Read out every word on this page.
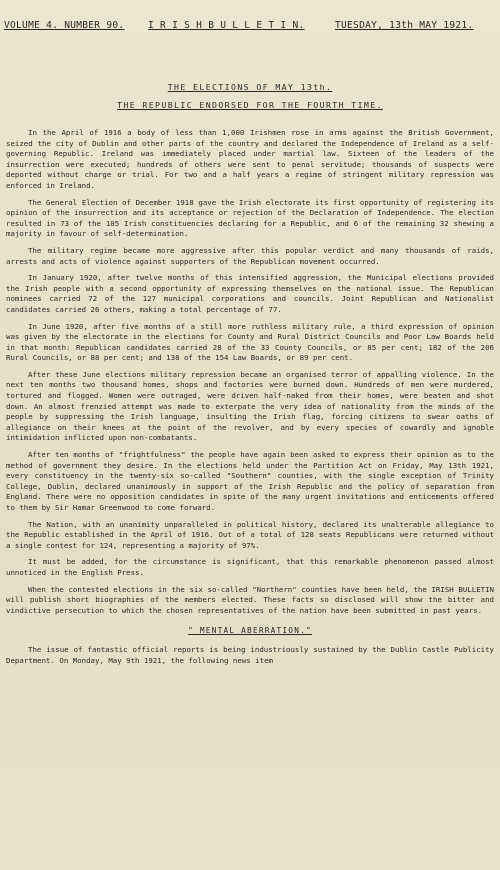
VOLUME 4. NUMBER 90. I R I S H B U L L E T I N.	TUESDAY, 13th MAY 1921.
THE ELECTIONS OF MAY 13th.
THE REPUBLIC ENDORSED FOR THE FOURTH TIME.

In the April of 1916 a body of less than 1,000 Irishmen rose in arms against the British Government, seized the city of Dublin and other parts of the country and declared the Independence of Ireland as a self-governing Republic. Ireland was immediately placed under martial law. Sixteen of the leaders of the insurrection were executed; hundreds of others were sent to penal servitude; thousands of suspects were deported without charge or trial. For two and a half years a regime of stringent military repression was enforced in Ireland.

The General Election of December 1918 gave the Irish electorate its first opportunity of registering its opinion of the insurrection and its acceptance or rejection of the Declaration of Independence. The election resulted in 73 of the 105 Irish constituencies declaring for a Republic, and 6 of the remaining 32 shewing a majority in favour of self-determination.

The military regime became more aggressive after this popular verdict and many thousands of raids, arrests and acts of violence against supporters of the Republican movement occurred.

In January 1920, after twelve months of this intensified aggression, the Municipal elections provided the Irish people with a second opportunity of expressing themselves on the national issue. The Republican nominees carried 72 of the 127 municipal corporations and councils. Joint Republican and Nationalist candidates carried 26 others, making a total percentage of 77.

In June 1920, after five months of a still more ruthless military rule, a third expression of opinion was given by the electorate in the elections for County and Rural District Councils and Poor Law Boards held in that month: Republican candidates carried 28 of the 33 County Councils, or 85 per cent; 182 of the 206 Rural Councils, or 88 per cent; and 138 of the 154 Law Boards, or 89 per cent.

After these June elections military repression became an organised terror of appalling violence. In the next ten months two thousand homes, shops and factories were burned down. Hundreds of men were murdered, tortured and flogged. Women were outraged, were driven half-naked from their homes, were beaten and shot down. An almost frenzied attempt was made to exterpate the very idea of nationality from the minds of the people by suppressing the Irish language, insulting the Irish flag, forcing citizens to swear oaths of allegiance on their knees at the point of the revolver, and by every species of cowardly and ignoble intimidation inflicted upon non-combatants.

After ten months of "frightfulness" the people have again been asked to express their opinion as to the method of government they desire. In the elections held under the Partition Act on Friday, May 13th 1921, every constituency in the twenty-six so-called "Southern" counties, with the single exception of Trinity College, Dublin, declared unanimously in support of the Irish Republic and the policy of separation from England. There were no opposition candidates in spite of the many urgent invitations and enticements offered to them by Sir Hamar Greenwood to come forward.

The Nation, with an unanimity unparalleled in political history, declared its unalterable allegiance to the Republic established in the April of 1916. Out of a total of 128 seats Republicans were returned without a single contest for 124, representing a majority of 97%.

It must be added, for the circumstance is significant, that this remarkable phenomenon passed almost unnoticed in the English Press.

When the contested elections in the six so-called "Northern" counties have been held, the IRISH BULLETIN will publish short biographies of the members elected. These facts so disclosed will show the bitter and vindictive persecution to which the chosen representatives of the nation have been submitted in past years.

" MENTAL ABERRATION."

The issue of fantastic official reports is being industriously sustained by the Dublin Castle Publicity Department. On Monday, May 9th 1921, the following news item
